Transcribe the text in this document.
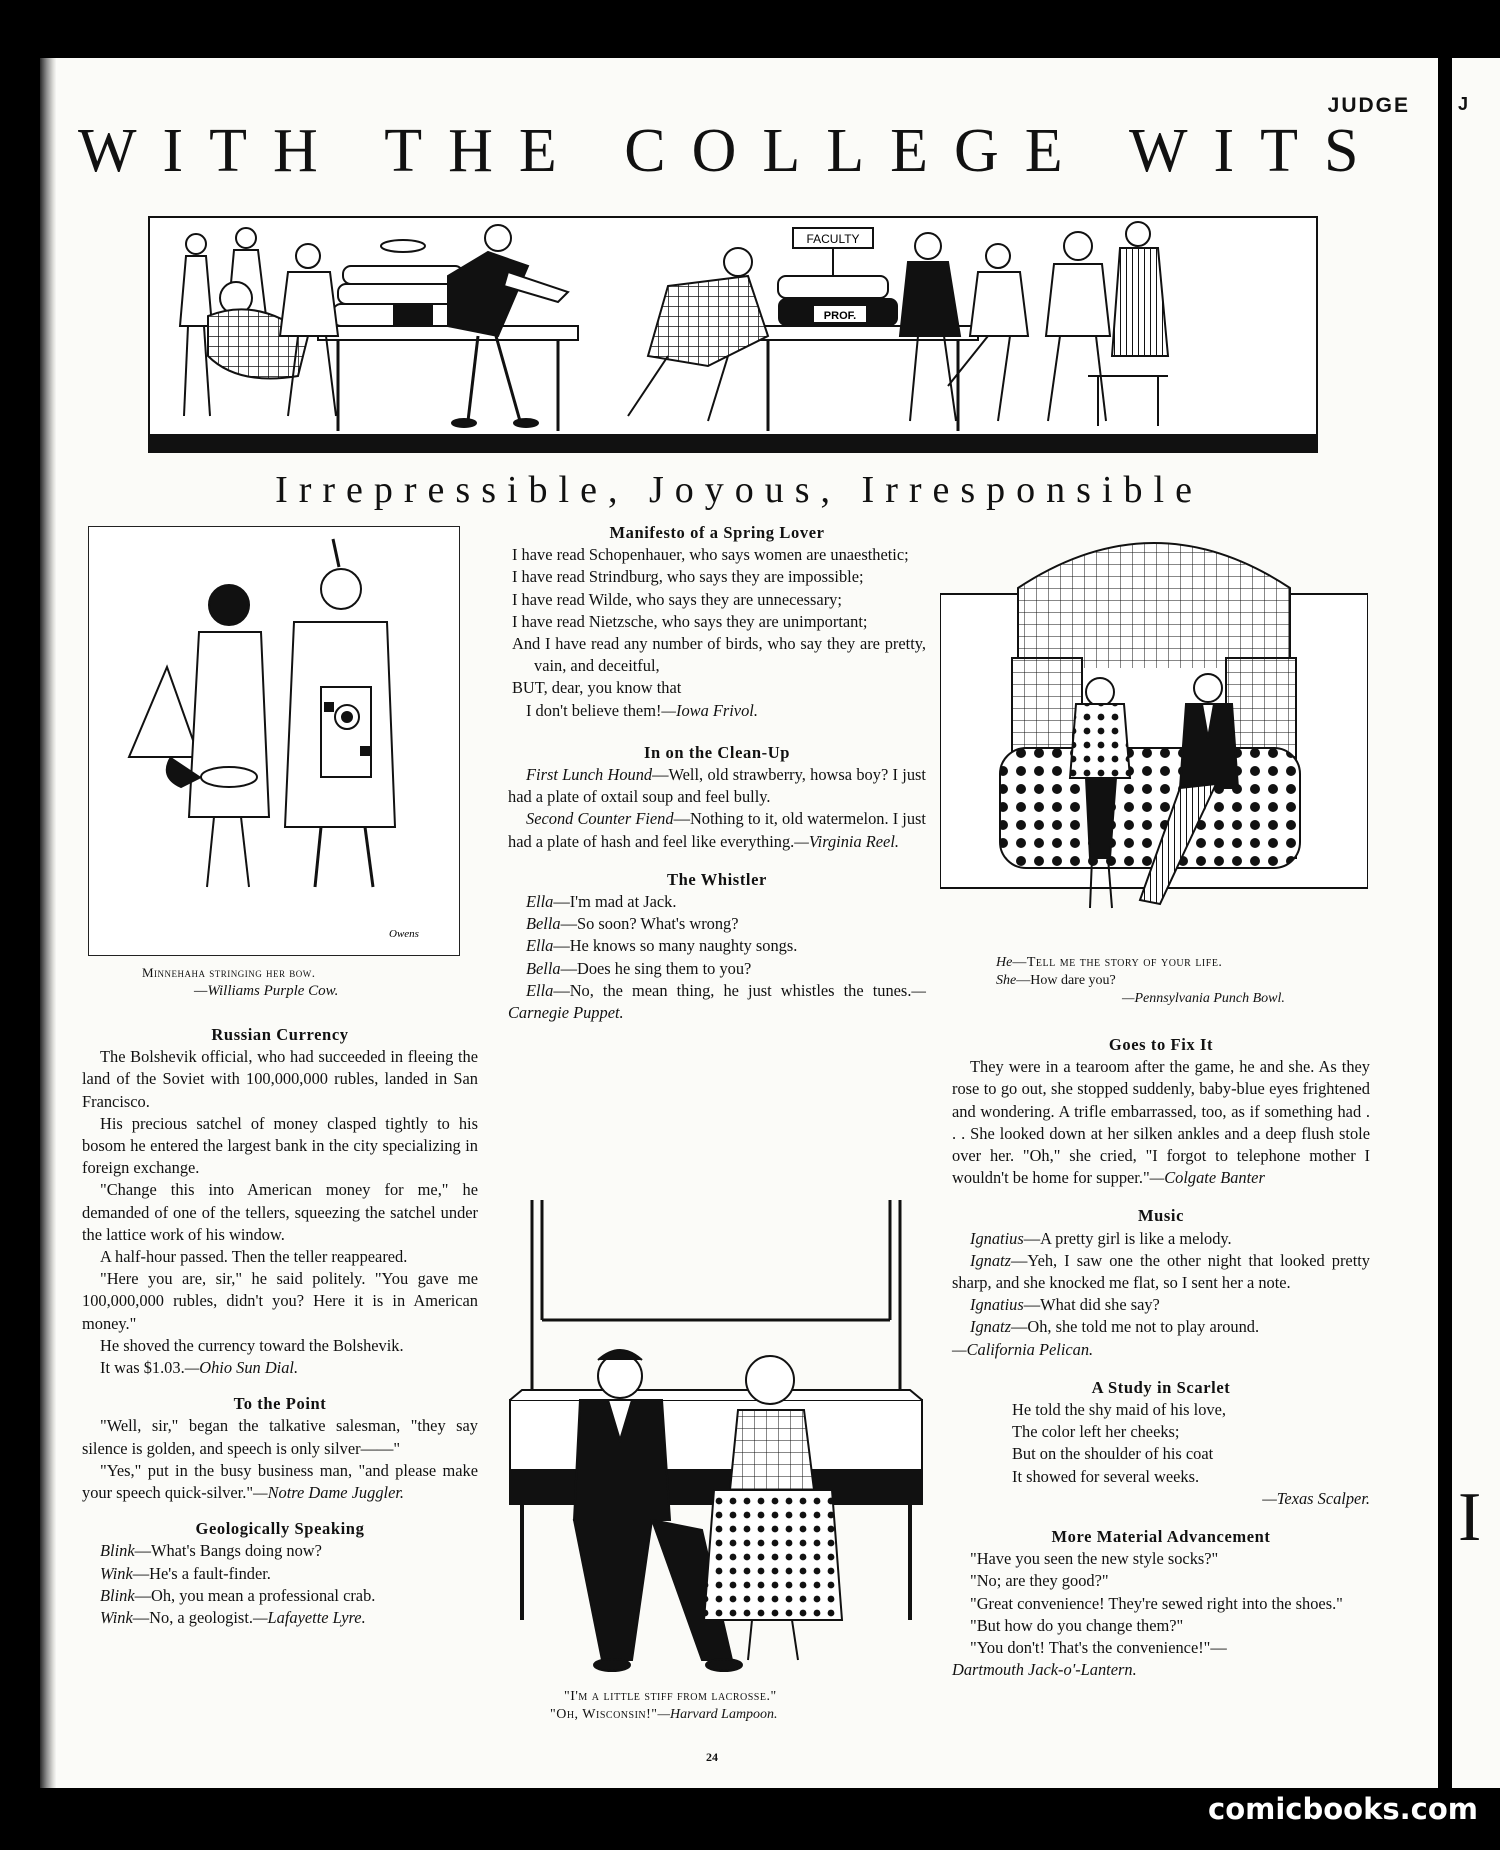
JUDGE
WITH THE COLLEGE WITS
PROF.
FACULTY
Irrepressible, Joyous, Irresponsible
Owens
Minnehaha stringing her bow.
—Williams Purple Cow.
Russian Currency

The Bolshevik official, who had succeeded in fleeing the land of the Soviet with 100,000,000 rubles, landed in San Francisco.

His precious satchel of money clasped tightly to his bosom he entered the largest bank in the city specializing in foreign exchange.

"Change this into American money for me," he demanded of one of the tellers, squeezing the satchel under the lattice work of his window.

A half-hour passed. Then the teller reappeared.

"Here you are, sir," he said politely. "You gave me 100,000,000 rubles, didn't you? Here it is in American money."

He shoved the currency toward the Bolshevik.

It was $1.03.—Ohio Sun Dial.

To the Point

"Well, sir," began the talkative salesman, "they say silence is golden, and speech is only silver——"

"Yes," put in the busy business man, "and please make your speech quick-silver."—Notre Dame Juggler.

Geologically Speaking

Blink—What's Bangs doing now?

Wink—He's a fault-finder.

Blink—Oh, you mean a professional crab.

Wink—No, a geologist.—Lafayette Lyre.

Manifesto of a Spring Lover

I have read Schopenhauer, who says women are unaesthetic;

I have read Strindburg, who says they are impossible;

I have read Wilde, who says they are unnecessary;

I have read Nietzsche, who says they are unimportant;

And I have read any number of birds, who say they are pretty, vain, and deceitful,

BUT, dear, you know that

I don't believe them!—Iowa Frivol.

In on the Clean-Up

First Lunch Hound—Well, old strawberry, howsa boy? I just had a plate of oxtail soup and feel bully.

Second Counter Fiend—Nothing to it, old watermelon. I just had a plate of hash and feel like everything.—Virginia Reel.

The Whistler

Ella—I'm mad at Jack.

Bella—So soon? What's wrong?

Ella—He knows so many naughty songs.

Bella—Does he sing them to you?

Ella—No, the mean thing, he just whistles the tunes.—Carnegie Puppet.

"I'm a little stiff from lacrosse."
"Oh, Wisconsin!"—Harvard Lampoon.
He—Tell me the story of your life.
She—How dare you?
—Pennsylvania Punch Bowl.
Goes to Fix It

They were in a tearoom after the game, he and she. As they rose to go out, she stopped suddenly, baby-blue eyes frightened and wondering. A trifle embarrassed, too, as if something had . . . She looked down at her silken ankles and a deep flush stole over her. "Oh," she cried, "I forgot to telephone mother I wouldn't be home for supper."—Colgate Banter

Music

Ignatius—A pretty girl is like a melody.

Ignatz—Yeh, I saw one the other night that looked pretty sharp, and she knocked me flat, so I sent her a note.

Ignatius—What did she say?

Ignatz—Oh, she told me not to play around.

—California Pelican.

A Study in Scarlet
He told the shy maid of his love,
The color left her cheeks;
But on the shoulder of his coat
It showed for several weeks.
—Texas Scalper.
More Material Advancement

"Have you seen the new style socks?"

"No; are they good?"

"Great convenience! They're sewed right into the shoes."

"But how do you change them?"

"You don't! That's the convenience!"—

Dartmouth Jack-o'-Lantern.

24
J
I
comicbooks.com
